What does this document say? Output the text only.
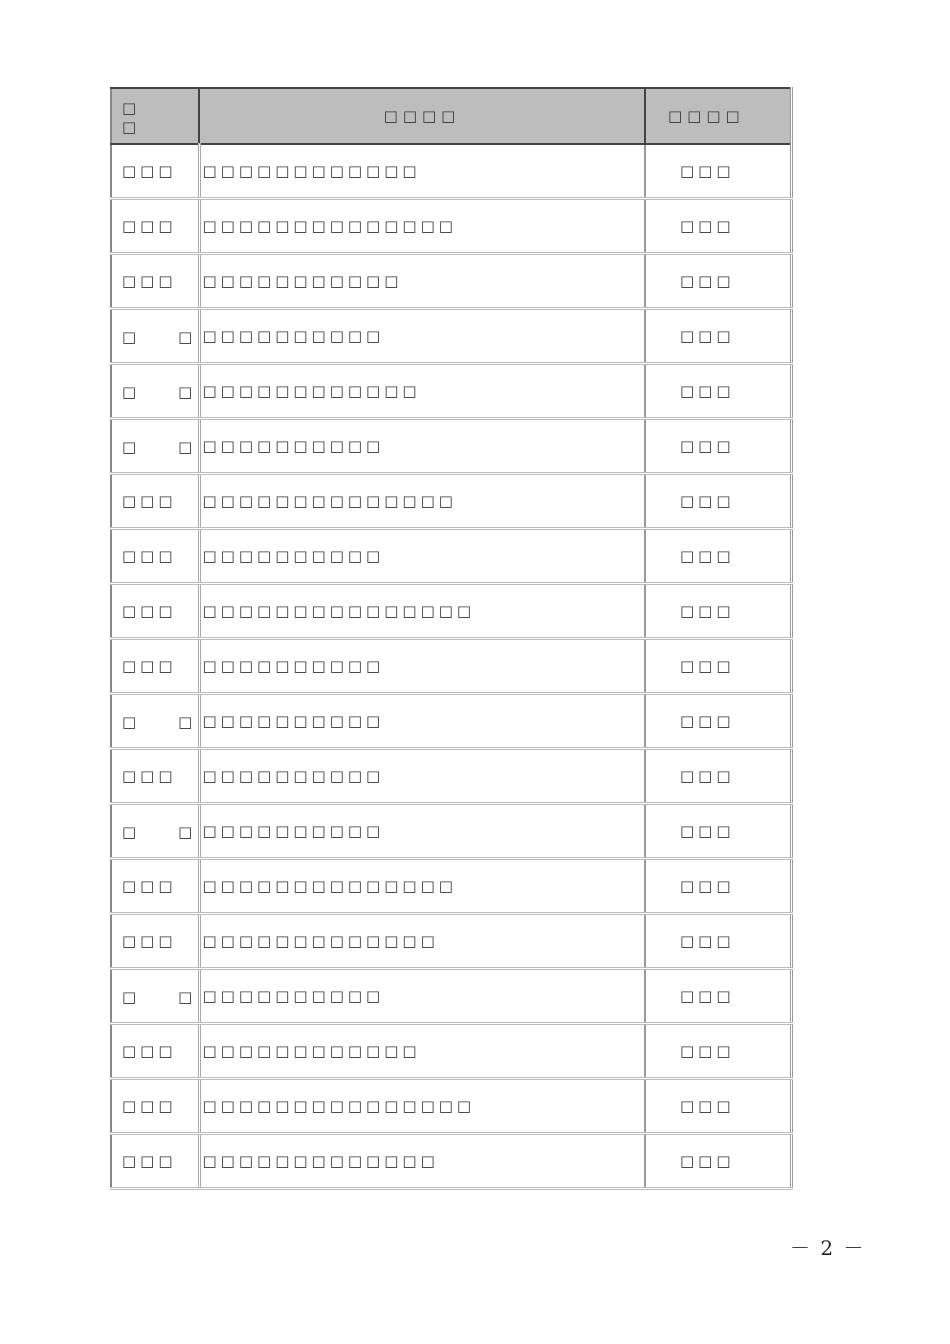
□　　□	□□□□	□□□□
□□□	□□□□□□□□□□□□	□□□
□□□	□□□□□□□□□□□□□□	□□□
□□□	□□□□□□□□□□□	□□□
□　　□	□□□□□□□□□□	□□□
□　　□	□□□□□□□□□□□□	□□□
□　　□	□□□□□□□□□□	□□□
□□□	□□□□□□□□□□□□□□	□□□
□□□	□□□□□□□□□□	□□□
□□□	□□□□□□□□□□□□□□□	□□□
□□□	□□□□□□□□□□	□□□
□　　□	□□□□□□□□□□	□□□
□□□	□□□□□□□□□□	□□□
□　　□	□□□□□□□□□□	□□□
□□□	□□□□□□□□□□□□□□	□□□
□□□	□□□□□□□□□□□□□	□□□
□　　□	□□□□□□□□□□	□□□
□□□	□□□□□□□□□□□□	□□□
□□□	□□□□□□□□□□□□□□□	□□□
□□□	□□□□□□□□□□□□□	□□□
－ 2 －
